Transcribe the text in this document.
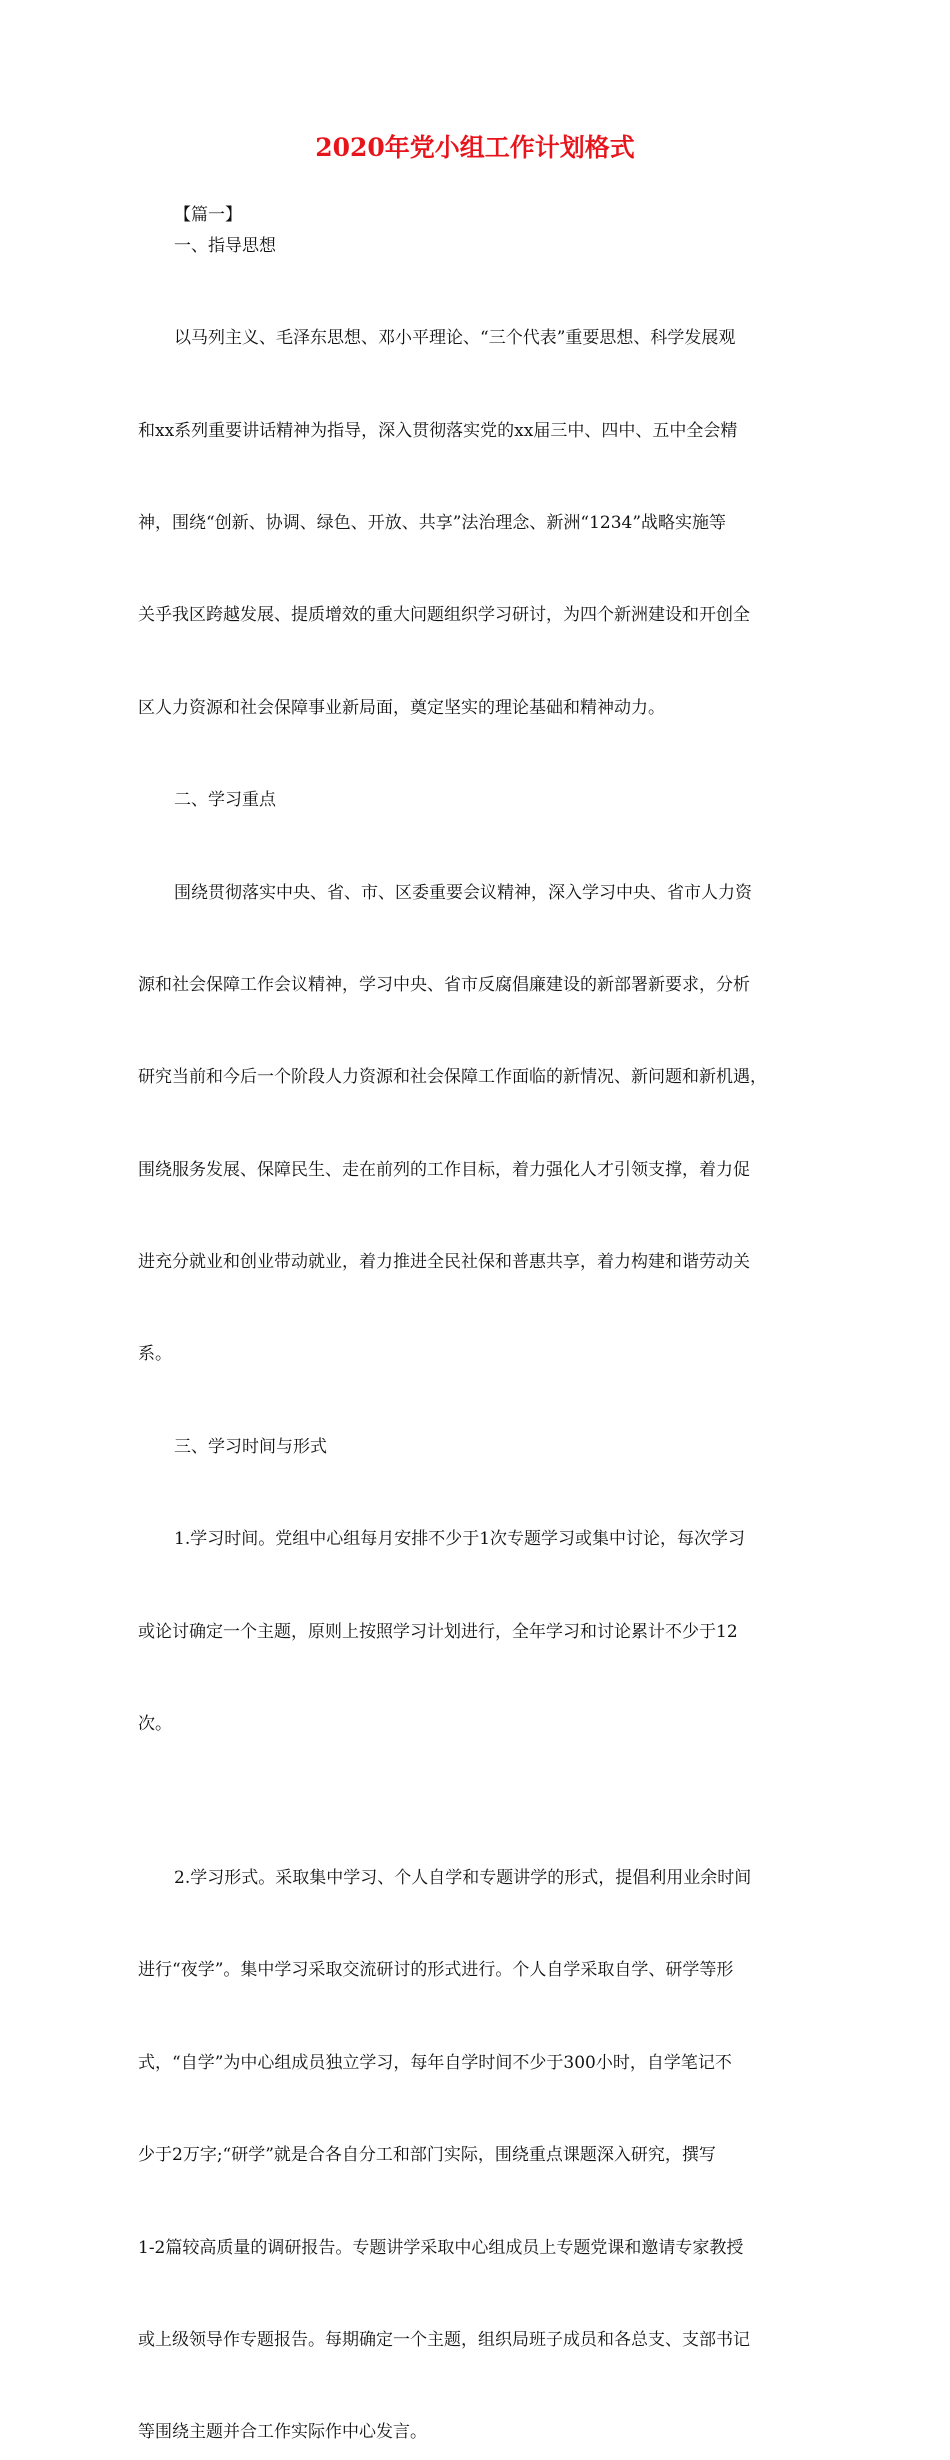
2020年党小组工作计划格式

【篇一】

一、指导思想

以马列主义、毛泽东思想、邓小平理论、“三个代表”重要思想、科学发展观

和xx系列重要讲话精神为指导，深入贯彻落实党的xx届三中、四中、五中全会精

神，围绕“创新、协调、绿色、开放、共享”法治理念、新洲“1234”战略实施等

关乎我区跨越发展、提质增效的重大问题组织学习研讨，为四个新洲建设和开创全

区人力资源和社会保障事业新局面，奠定坚实的理论基础和精神动力。

二、学习重点

围绕贯彻落实中央、省、市、区委重要会议精神，深入学习中央、省市人力资

源和社会保障工作会议精神，学习中央、省市反腐倡廉建设的新部署新要求，分析

研究当前和今后一个阶段人力资源和社会保障工作面临的新情况、新问题和新机遇，

围绕服务发展、保障民生、走在前列的工作目标，着力强化人才引领支撑，着力促

进充分就业和创业带动就业，着力推进全民社保和普惠共享，着力构建和谐劳动关

系。

三、学习时间与形式

1.学习时间。党组中心组每月安排不少于1次专题学习或集中讨论，每次学习

或论讨确定一个主题，原则上按照学习计划进行，全年学习和讨论累计不少于12

次。

2.学习形式。采取集中学习、个人自学和专题讲学的形式，提倡利用业余时间

进行“夜学”。集中学习采取交流研讨的形式进行。个人自学采取自学、研学等形

式，“自学”为中心组成员独立学习，每年自学时间不少于300小时，自学笔记不

少于2万字;“研学”就是合各自分工和部门实际，围绕重点课题深入研究，撰写

1-2篇较高质量的调研报告。专题讲学采取中心组成员上专题党课和邀请专家教授

或上级领导作专题报告。每期确定一个主题，组织局班子成员和各总支、支部书记

等围绕主题并合工作实际作中心发言。
